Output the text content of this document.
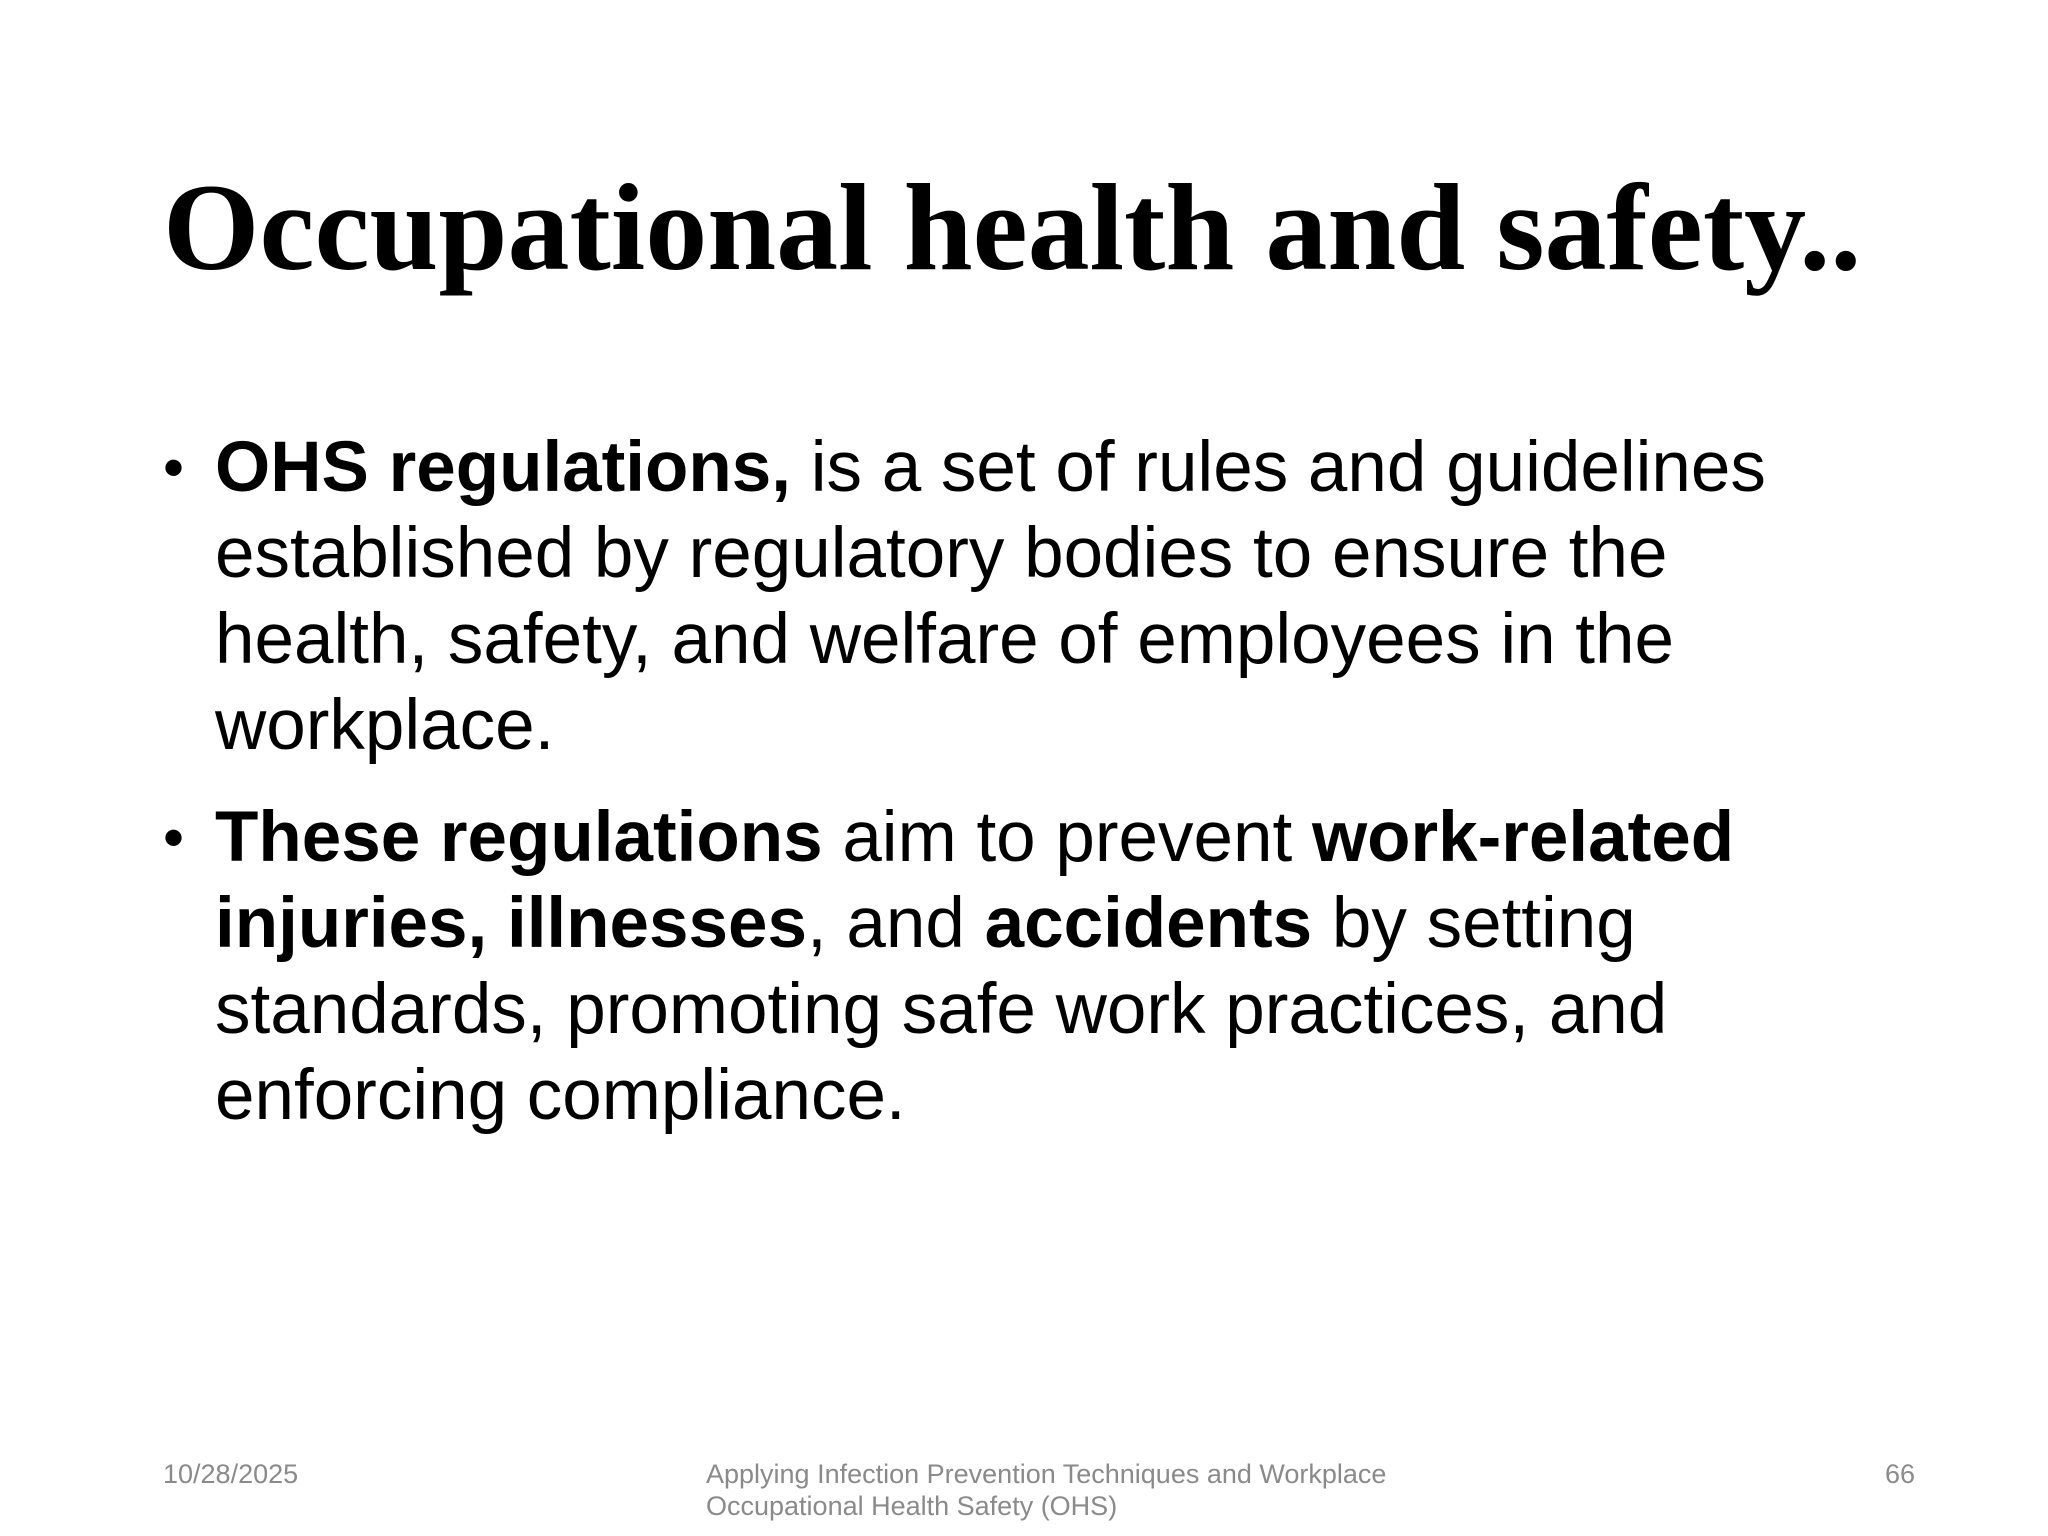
Occupational health and safety..
• OHS regulations, is a set of rules and guidelines established by regulatory bodies to ensure the health, safety, and welfare of employees in the workplace.
• These regulations aim to prevent work-related injuries, illnesses, and accidents by setting standards, promoting safe work practices, and enforcing compliance.
10/28/2025	Applying Infection Prevention Techniques and Workplace Occupational Health Safety (OHS)
66
